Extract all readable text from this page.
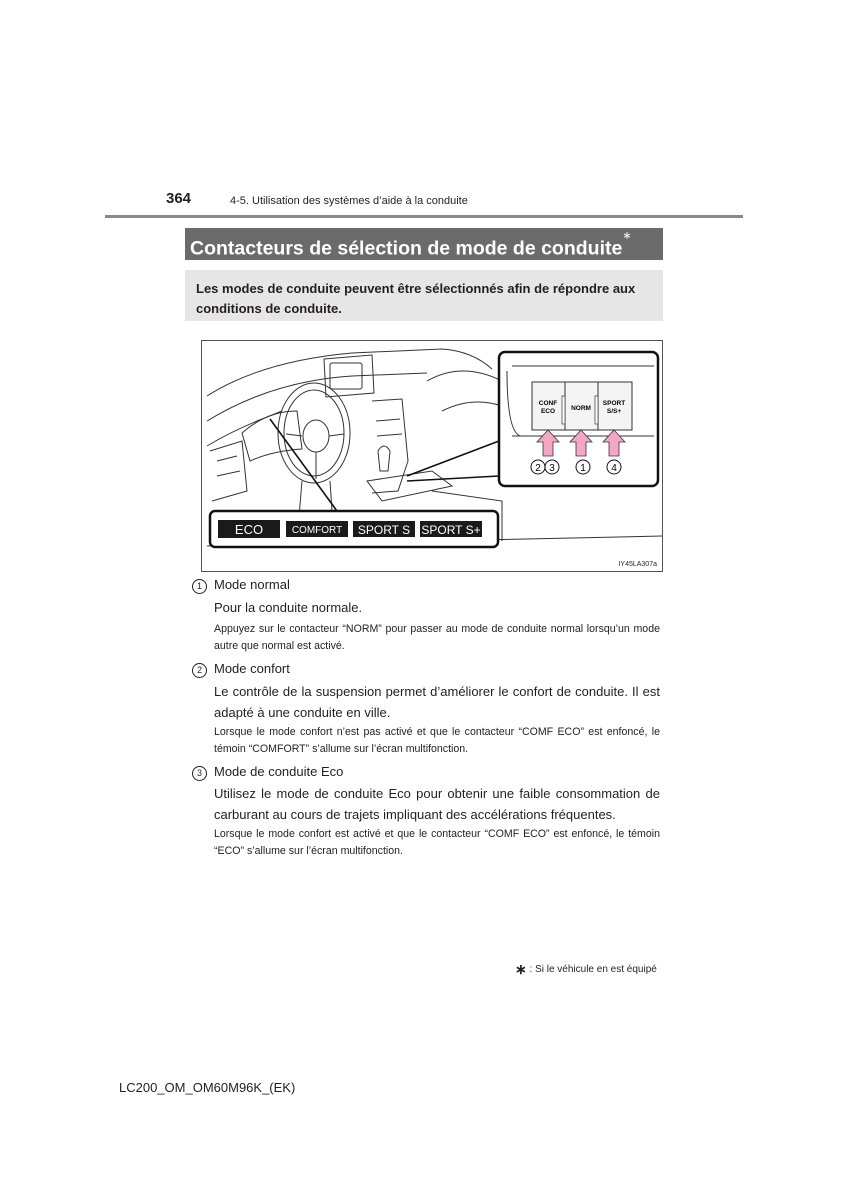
364	4-5. Utilisation des systèmes d’aide à la conduite
Contacteurs de sélection de mode de conduite∗
Les modes de conduite peuvent être sélectionnés afin de répondre aux conditions de conduite.
CONF
ECO NORM
SPORT
S/S+
2 3	1	4
ECO	COMFORT SPORT S SPORT S+
IY45LA307a
1 Mode normal
Pour la conduite normale.
Appuyez sur le contacteur “NORM” pour passer au mode de conduite normal lorsqu’un mode autre que normal est activé.
2 Mode confort
Le contrôle de la suspension permet d’améliorer le confort de conduite. Il est adapté à une conduite en ville.
Lorsque le mode confort n’est pas activé et que le contacteur “COMF ECO” est enfoncé, le témoin “COMFORT” s’allume sur l’écran multifonction.
3 Mode de conduite Eco
Utilisez le mode de conduite Eco pour obtenir une faible consommation de carburant au cours de trajets impliquant des accélérations fréquentes.
Lorsque le mode confort est activé et que le contacteur “COMF ECO” est enfoncé, le témoin “ECO” s’allume sur l’écran multifonction.
∗ : Si le véhicule en est équipé
LC200_OM_OM60M96K_(EK)
